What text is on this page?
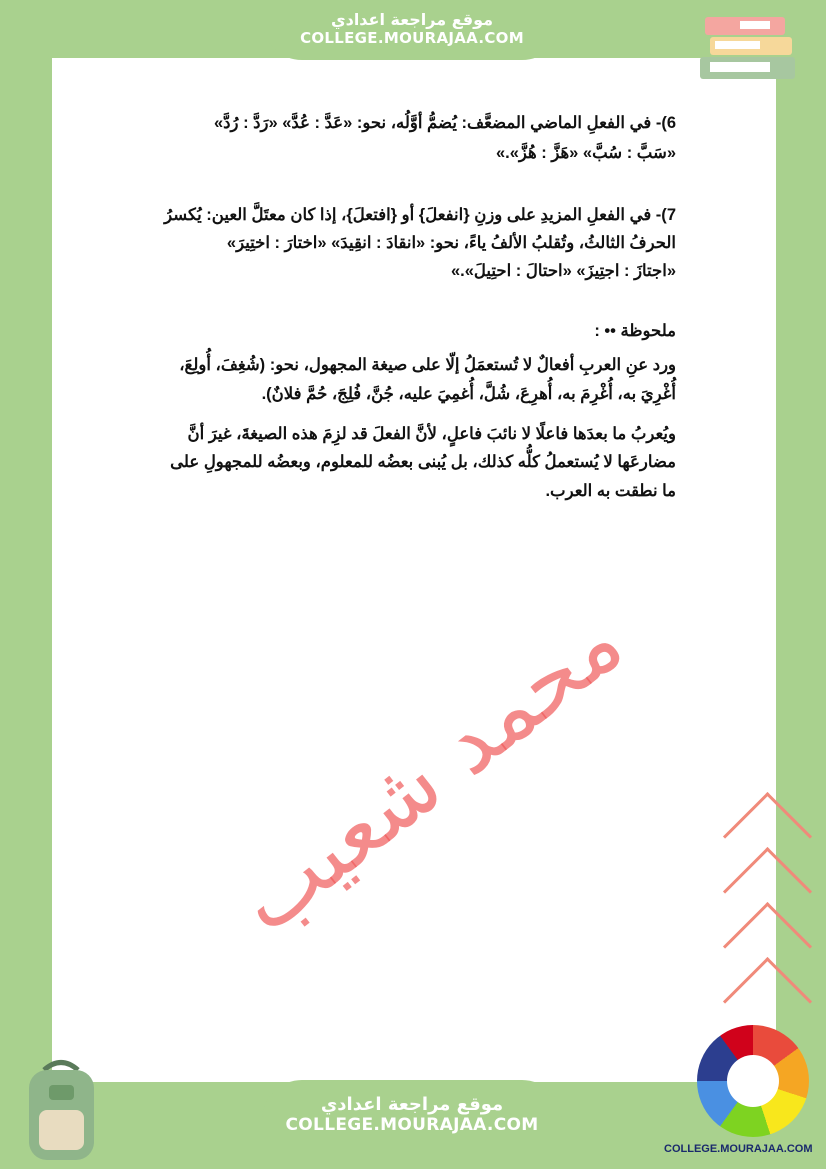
موقع مراجعة اعدادي
COLLEGE.MOURAJAA.COM
6)- في الفعلِ الماضي المضعَّف: يُضمُّ أوَّلُه، نحو: «عَدَّ : عُدَّ» «رَدَّ : رُدَّ»
«سَبَّ : سُبَّ» «هَزَّ : هُزَّ».»
7)- في الفعلِ المزيدِ على وزنِ {انفعلَ} أو {افتعلَ}، إذا كان معتَلَّ العين: يُكسرُ
الحرفُ الثالثُ، وتُقلبُ الألفُ ياءً، نحو: «انقادَ : انقِيدَ» «اختارَ : اختِيرَ»
«اجتازَ : اجتِيزَ» «احتالَ : احتِيلَ».»
ملحوظة •• :
ورد عنِ العربِ أفعالٌ لا تُستعمَلُ إلّا على صيغة المجهول، نحو: (شُغِفَ، أُولِعَ،
أُغْرِيَ به، أُغْرِمَ به، أُهرِعَ، شُلَّ، أُغمِيَ عليه، جُنَّ، فُلِجَ، حُمَّ فلانٌ).
ويُعربُ ما بعدَها فاعلًا لا نائبَ فاعلٍ، لأنَّ الفعلَ قد لزِمَ هذه الصيغةَ، غيرَ أنَّ
مضارعَها لا يُستعملُ كلُّه كذلك، بل يُبنى بعضُه للمعلوم، وبعضُه للمجهولِ على
ما نطقت به العرب.
محمد شعيب
موقع مراجعة اعدادي
COLLEGE.MOURAJAA.COM
COLLEGE.MOURAJAA.COM
